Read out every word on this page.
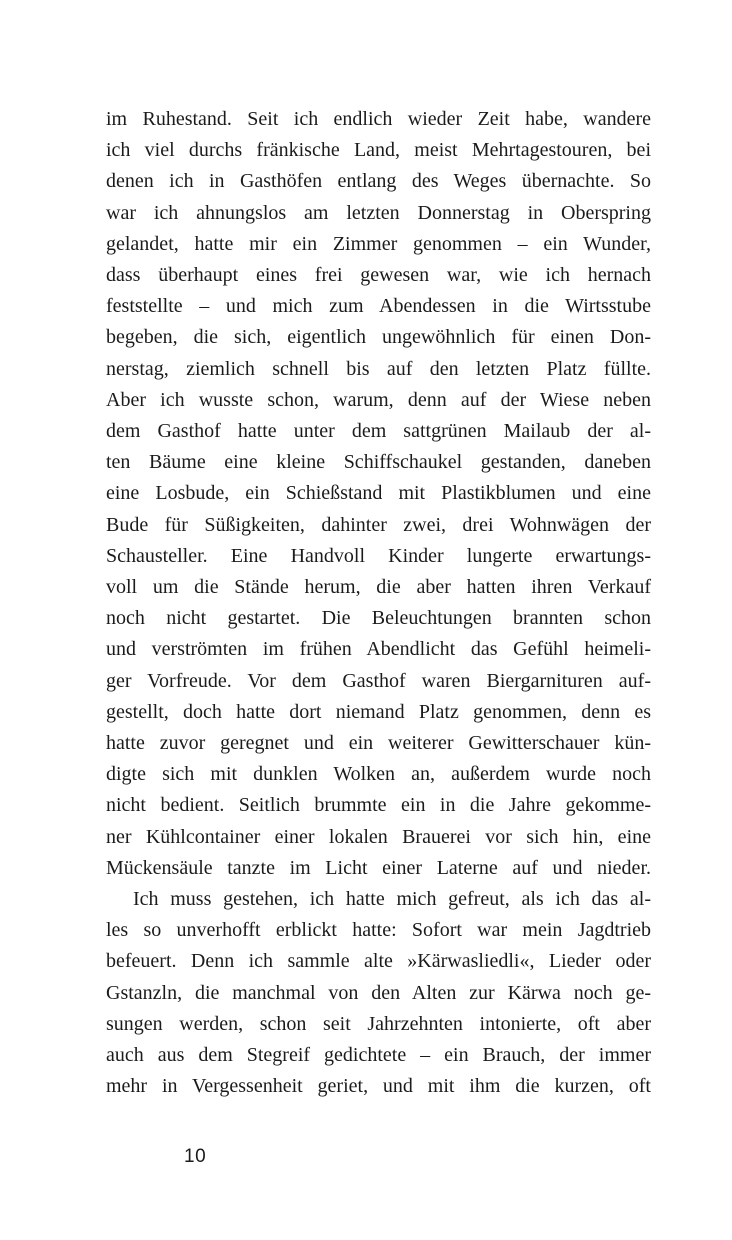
im Ruhestand. Seit ich endlich wieder Zeit habe, wandere
ich viel durchs fränkische Land, meist Mehrtagestouren, bei
denen ich in Gasthöfen entlang des Weges übernachte. So
war ich ahnungslos am letzten Donnerstag in Oberspring
gelandet, hatte mir ein Zimmer genommen – ein Wunder,
dass überhaupt eines frei gewesen war, wie ich hernach
feststellte – und mich zum Abendessen in die Wirtsstube
begeben, die sich, eigentlich ungewöhnlich für einen Don-
nerstag, ziemlich schnell bis auf den letzten Platz füllte.
Aber ich wusste schon, warum, denn auf der Wiese neben
dem Gasthof hatte unter dem sattgrünen Mailaub der al-
ten Bäume eine kleine Schiffschaukel gestanden, daneben
eine Losbude, ein Schießstand mit Plastikblumen und eine
Bude für Süßigkeiten, dahinter zwei, drei Wohnwägen der
Schausteller. Eine Handvoll Kinder lungerte erwartungs-
voll um die Stände herum, die aber hatten ihren Verkauf
noch nicht gestartet. Die Beleuchtungen brannten schon
und verströmten im frühen Abendlicht das Gefühl heimeli-
ger Vorfreude. Vor dem Gasthof waren Biergarnituren auf-
gestellt, doch hatte dort niemand Platz genommen, denn es
hatte zuvor geregnet und ein weiterer Gewitterschauer kün-
digte sich mit dunklen Wolken an, außerdem wurde noch
nicht bedient. Seitlich brummte ein in die Jahre gekomme-
ner Kühlcontainer einer lokalen Brauerei vor sich hin, eine
Mückensäule tanzte im Licht einer Laterne auf und nieder.
Ich muss gestehen, ich hatte mich gefreut, als ich das al-
les so unverhofft erblickt hatte: Sofort war mein Jagdtrieb
befeuert. Denn ich sammle alte »Kärwasliedli«, Lieder oder
Gstanzln, die manchmal von den Alten zur Kärwa noch ge-
sungen werden, schon seit Jahrzehnten intonierte, oft aber
auch aus dem Stegreif gedichtete – ein Brauch, der immer
mehr in Vergessenheit geriet, und mit ihm die kurzen, oft
10
